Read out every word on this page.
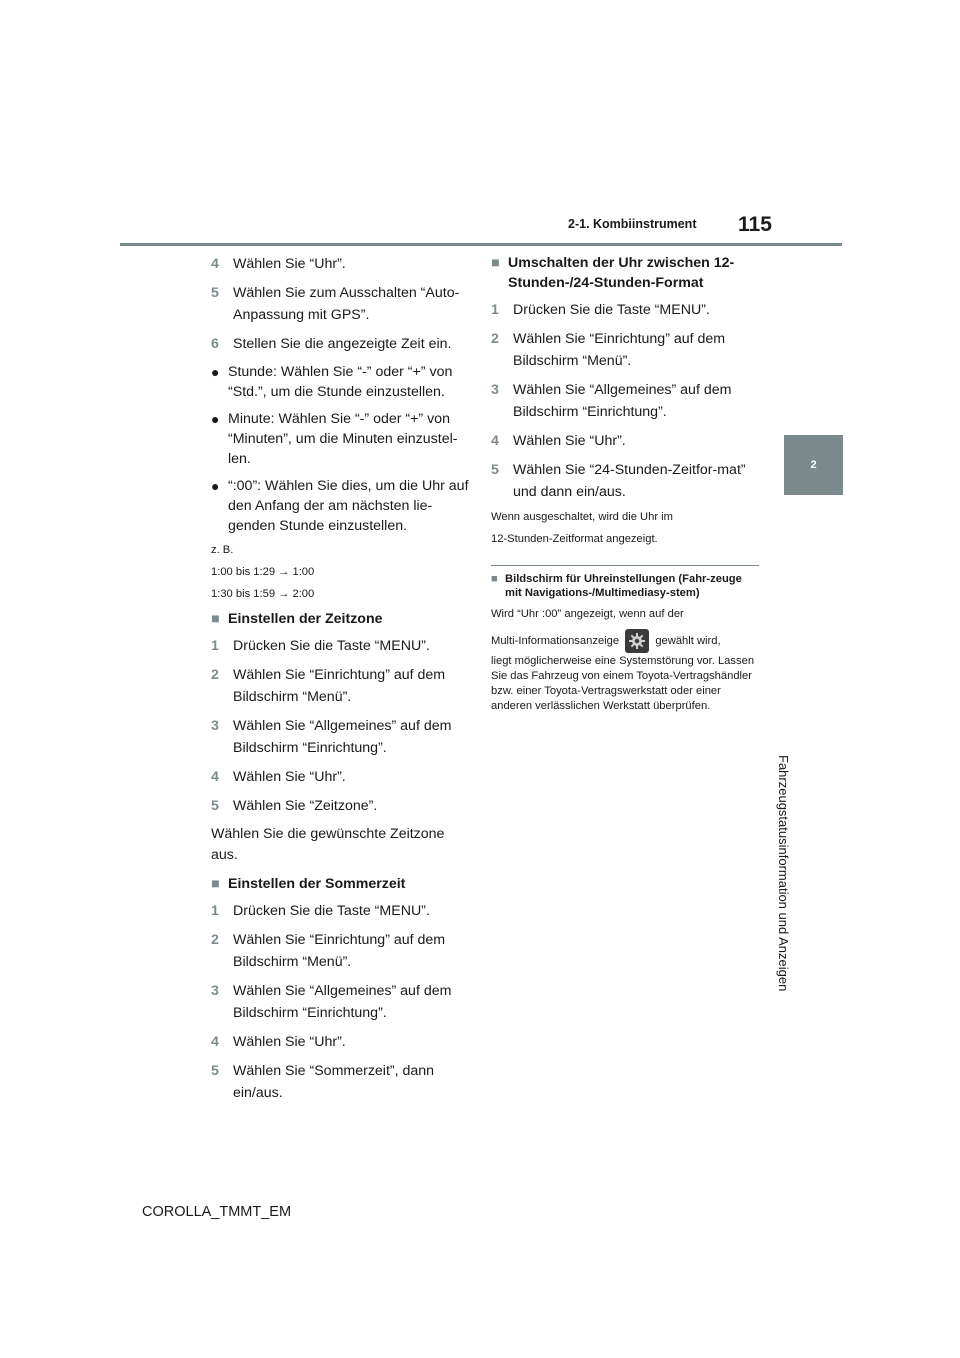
2-1. Kombiinstrument 115
2
Fahrzeugstatusinformation und Anzeigen
4 Wählen Sie “Uhr”.
5 Wählen Sie zum Ausschalten “Auto-Anpassung mit GPS”.
6 Stellen Sie die angezeigte Zeit ein.
● Stunde: Wählen Sie “-” oder “+” von “Std.”, um die Stunde einzustellen.
● Minute: Wählen Sie “-” oder “+” von “Minuten”, um die Minuten einzustel-len.
● “:00”: Wählen Sie dies, um die Uhr auf den Anfang der am nächsten lie-genden Stunde einzustellen.

z. B.

1:00 bis 1:29 → 1:00

1:30 bis 1:59 → 2:00

■ Einstellen der Zeitzone
1 Drücken Sie die Taste “MENU”.
2 Wählen Sie “Einrichtung” auf dem Bildschirm “Menü”.
3 Wählen Sie “Allgemeines” auf dem Bildschirm “Einrichtung”.
4 Wählen Sie “Uhr”.
5 Wählen Sie “Zeitzone”.

Wählen Sie die gewünschte Zeitzone aus.

■ Einstellen der Sommerzeit
1 Drücken Sie die Taste “MENU”.
2 Wählen Sie “Einrichtung” auf dem Bildschirm “Menü”.
3 Wählen Sie “Allgemeines” auf dem Bildschirm “Einrichtung”.
4 Wählen Sie “Uhr”.
5 Wählen Sie “Sommerzeit”, dann ein/aus.
■ Umschalten der Uhr zwischen 12-Stunden-/24-Stunden-Format
1 Drücken Sie die Taste “MENU”.
2 Wählen Sie “Einrichtung” auf dem Bildschirm “Menü”.
3 Wählen Sie “Allgemeines” auf dem Bildschirm “Einrichtung”.
4 Wählen Sie “Uhr”.
5 Wählen Sie “24-Stunden-Zeitfor-mat” und dann ein/aus.

Wenn ausgeschaltet, wird die Uhr im

12-Stunden-Zeitformat angezeigt.

■ Bildschirm für Uhreinstellungen (Fahr-zeuge mit Navigations-/Multimediasy-stem)

Wird “Uhr :00” angezeigt, wenn auf der

Multi-Informationsanzeige	gewählt wird,

liegt möglicherweise eine Systemstörung vor. Lassen Sie das Fahrzeug von einem Toyota-Vertragshändler bzw. einer Toyota-Vertragswerkstatt oder einer anderen verlässlichen Werkstatt überprüfen.

COROLLA_TMMT_EM
